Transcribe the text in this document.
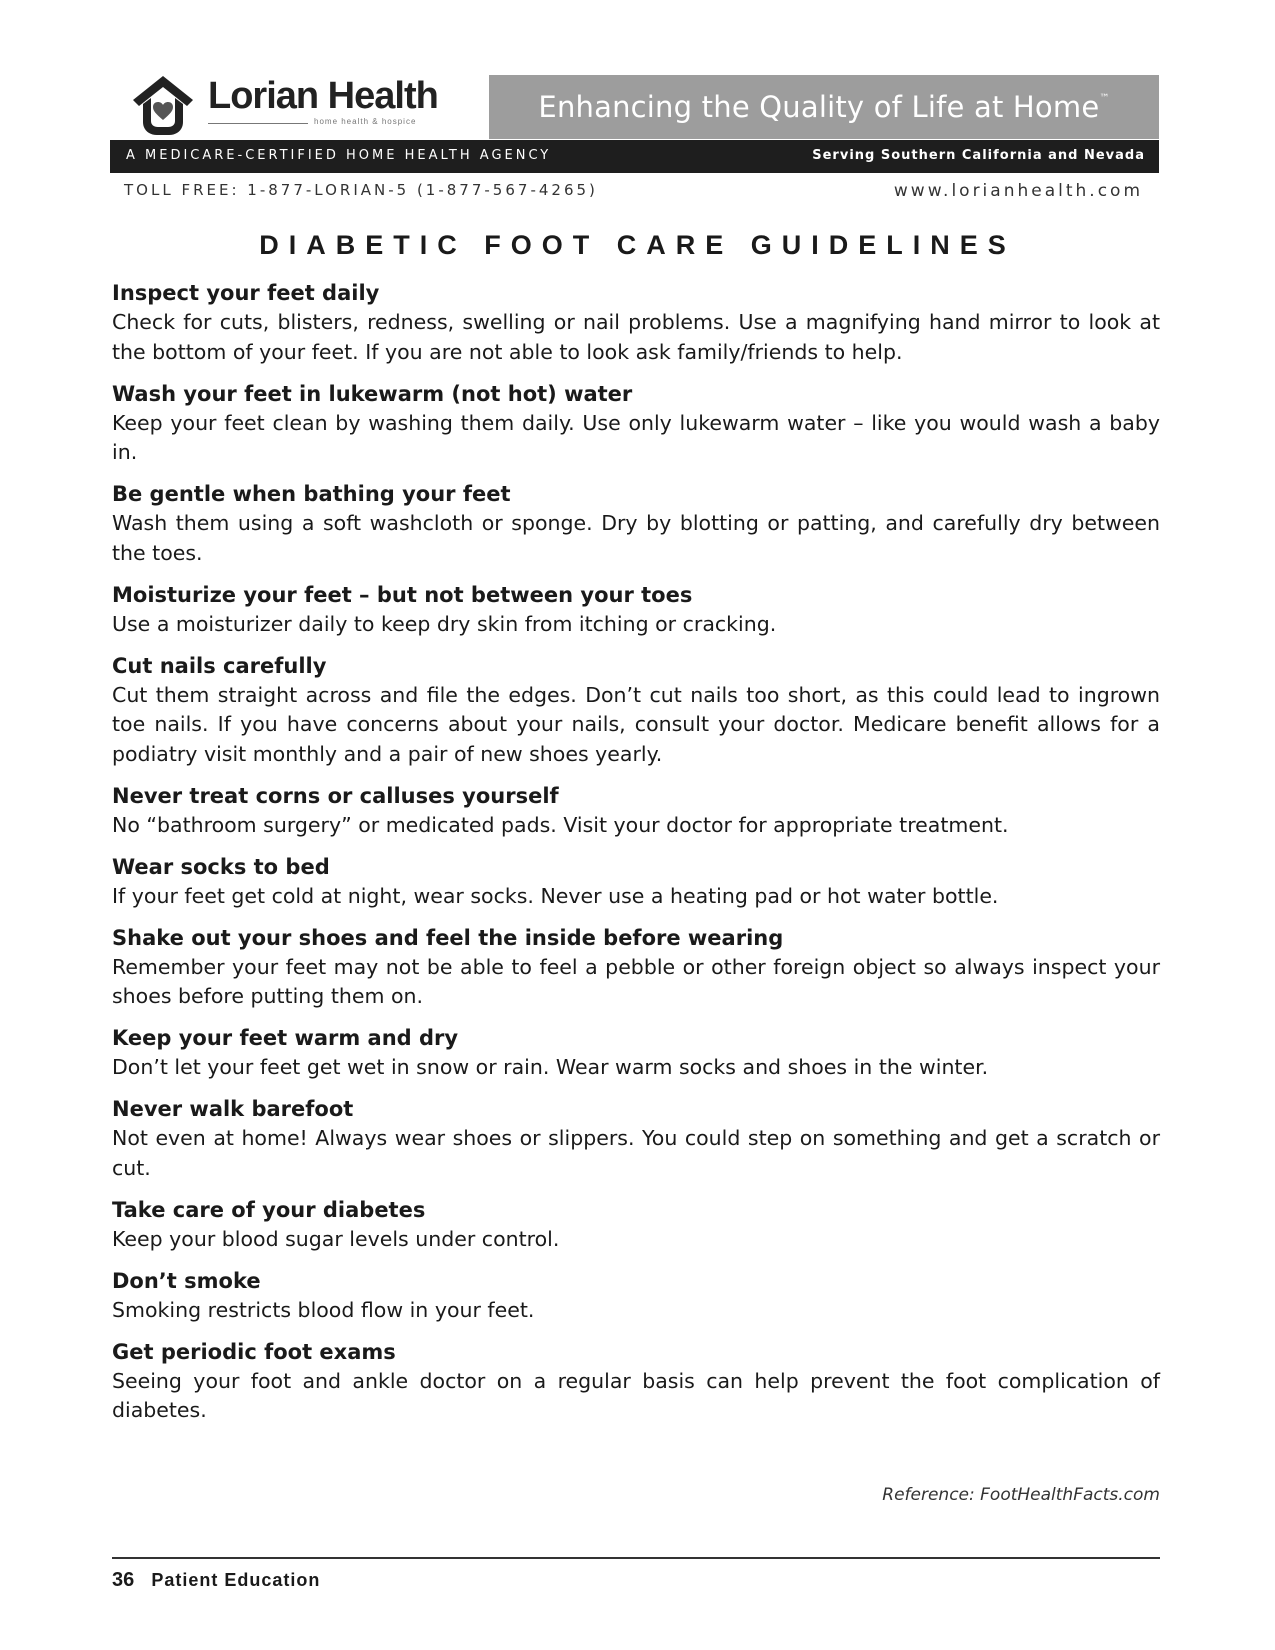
Lorian Health
home health & hospice	Enhancing the Quality of Life at Home™
A MEDICARE-CERTIFIED HOME HEALTH AGENCY	Serving Southern California and Nevada
TOLL FREE: 1-877-LORIAN-5 (1-877-567-4265)	www.lorianhealth.com
DIABETIC FOOT CARE GUIDELINES
Inspect your feet daily
Check for cuts, blisters, redness, swelling or nail problems. Use a magnifying hand mirror to look at the bottom of your feet. If you are not able to look ask family/friends to help.
Wash your feet in lukewarm (not hot) water
Keep your feet clean by washing them daily. Use only lukewarm water – like you would wash a baby in.
Be gentle when bathing your feet
Wash them using a soft washcloth or sponge. Dry by blotting or patting, and carefully dry between the toes.
Moisturize your feet – but not between your toes
Use a moisturizer daily to keep dry skin from itching or cracking.
Cut nails carefully
Cut them straight across and file the edges. Don’t cut nails too short, as this could lead to ingrown toe nails. If you have concerns about your nails, consult your doctor. Medicare benefit allows for a podiatry visit monthly and a pair of new shoes yearly.
Never treat corns or calluses yourself
No “bathroom surgery” or medicated pads. Visit your doctor for appropriate treatment.
Wear socks to bed
If your feet get cold at night, wear socks. Never use a heating pad or hot water bottle.
Shake out your shoes and feel the inside before wearing
Remember your feet may not be able to feel a pebble or other foreign object so always inspect your shoes before putting them on.
Keep your feet warm and dry
Don’t let your feet get wet in snow or rain. Wear warm socks and shoes in the winter.
Never walk barefoot
Not even at home! Always wear shoes or slippers. You could step on something and get a scratch or cut.
Take care of your diabetes
Keep your blood sugar levels under control.
Don’t smoke
Smoking restricts blood flow in your feet.
Get periodic foot exams
Seeing your foot and ankle doctor on a regular basis can help prevent the foot complication of diabetes.
Reference: FootHealthFacts.com
36 Patient Education
